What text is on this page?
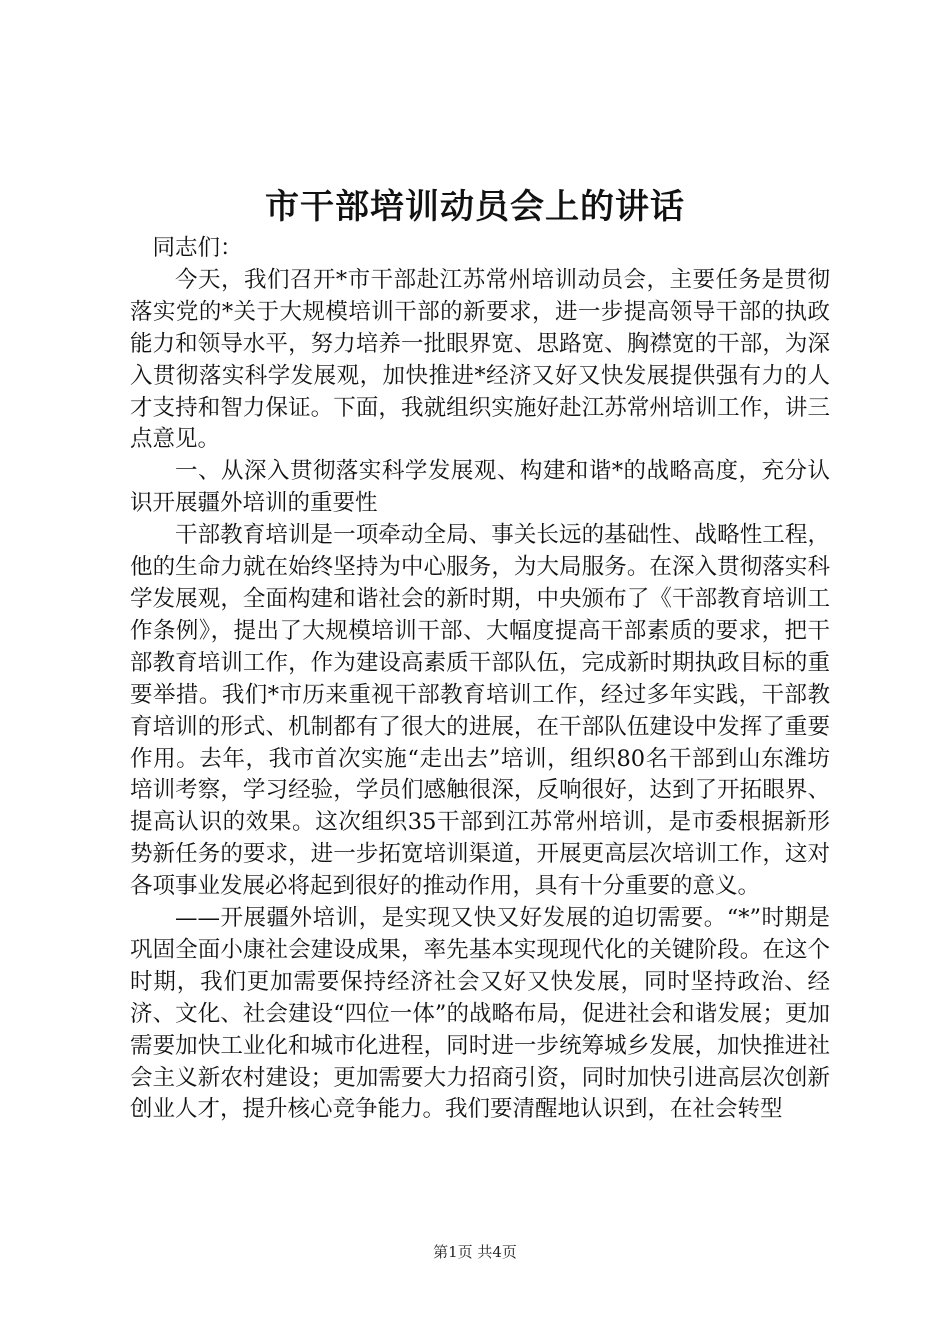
市干部培训动员会上的讲话

同志们：

今天，我们召开*市干部赴江苏常州培训动员会，主要任务是贯彻落实党的*关于大规模培训干部的新要求，进一步提高领导干部的执政能力和领导水平，努力培养一批眼界宽、思路宽、胸襟宽的干部，为深入贯彻落实科学发展观，加快推进*经济又好又快发展提供强有力的人才支持和智力保证。下面，我就组织实施好赴江苏常州培训工作，讲三点意见。

一、从深入贯彻落实科学发展观、构建和谐*的战略高度，充分认识开展疆外培训的重要性

干部教育培训是一项牵动全局、事关长远的基础性、战略性工程，他的生命力就在始终坚持为中心服务，为大局服务。在深入贯彻落实科学发展观，全面构建和谐社会的新时期，中央颁布了《干部教育培训工作条例》，提出了大规模培训干部、大幅度提高干部素质的要求，把干部教育培训工作，作为建设高素质干部队伍，完成新时期执政目标的重要举措。我们*市历来重视干部教育培训工作，经过多年实践，干部教育培训的形式、机制都有了很大的进展，在干部队伍建设中发挥了重要作用。去年，我市首次实施“走出去”培训，组织80名干部到山东潍坊培训考察，学习经验，学员们感触很深，反响很好，达到了开拓眼界、提高认识的效果。这次组织35干部到江苏常州培训，是市委根据新形势新任务的要求，进一步拓宽培训渠道，开展更高层次培训工作，这对各项事业发展必将起到很好的推动作用，具有十分重要的意义。

——开展疆外培训，是实现又快又好发展的迫切需要。“*”时期是巩固全面小康社会建设成果，率先基本实现现代化的关键阶段。在这个时期，我们更加需要保持经济社会又好又快发展，同时坚持政治、经济、文化、社会建设“四位一体”的战略布局，促进社会和谐发展；更加需要加快工业化和城市化进程，同时进一步统筹城乡发展，加快推进社会主义新农村建设；更加需要大力招商引资，同时加快引进高层次创新创业人才，提升核心竞争能力。我们要清醒地认识到，在社会转型

第1页 共4页
